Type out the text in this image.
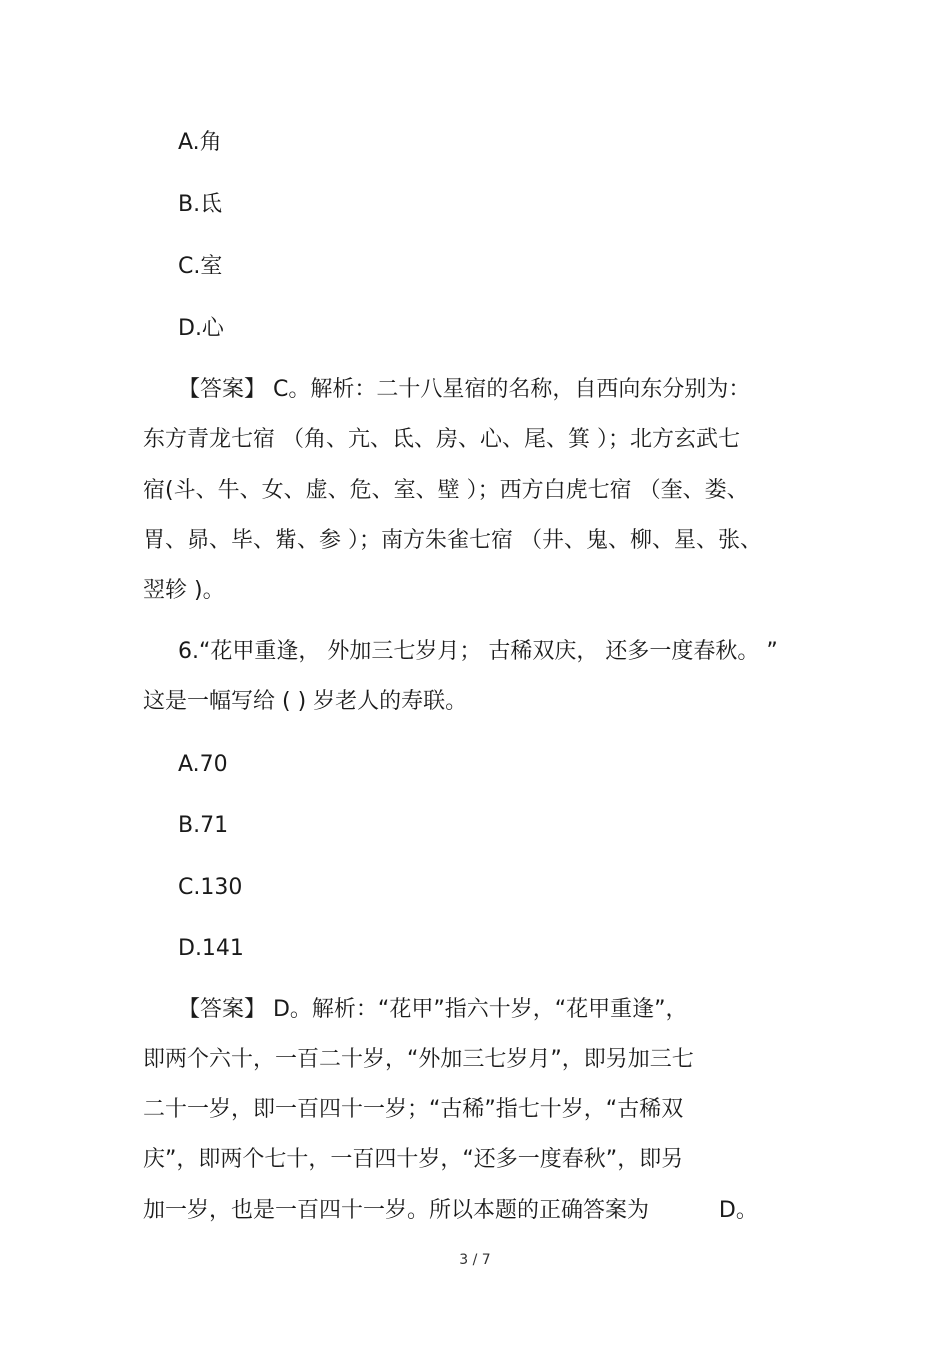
A.角
B.氐
C.室
D.心
【答案】 C。解析：二十八星宿的名称，自西向东分别为：
东方青龙七宿 （角、亢、氐、房、心、尾、箕 ）；北方玄武七
宿(斗、牛、女、虚、危、室、壁 ）；西方白虎七宿 （奎、娄、
胃、昴、毕、觜、参 ）；南方朱雀七宿 （井、鬼、柳、星、张、
翌轸 )。
6.“花甲重逢， 外加三七岁月； 古稀双庆， 还多一度春秋。 ”
这是一幅写给 ( ) 岁老人的寿联。
A.70
B.71
C.130
D.141
【答案】 D。解析：“花甲”指六十岁，“花甲重逢”，
即两个六十，一百二十岁，“外加三七岁月”，即另加三七
二十一岁，即一百四十一岁；“古稀”指七十岁，“古稀双
庆”，即两个七十，一百四十岁，“还多一度春秋”，即另
加一岁，也是一百四十一岁。所以本题的正确答案为          D。
3 / 7
